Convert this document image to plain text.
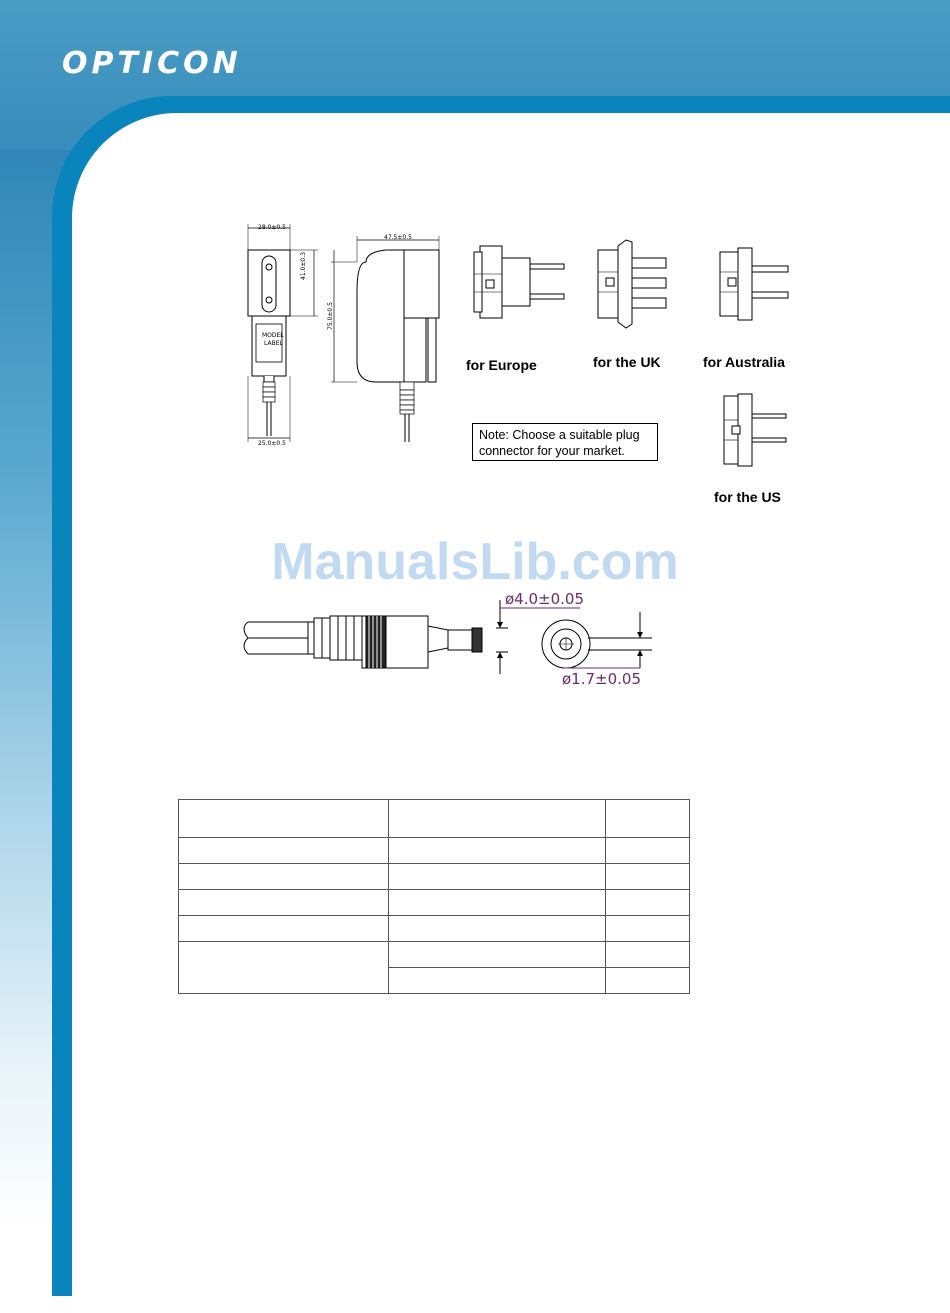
OPTICON
28.0±0.5
25.0±0.5
41.0±0.3
MODEL
LABEL
47.5±0.5
75.0±0.5
for Europe	for the UK	for Australia
for the US
Note: Choose a suitable plug
connector for your market.
ManualsLib.com
ø4.0±0.05
ø1.7±0.05
